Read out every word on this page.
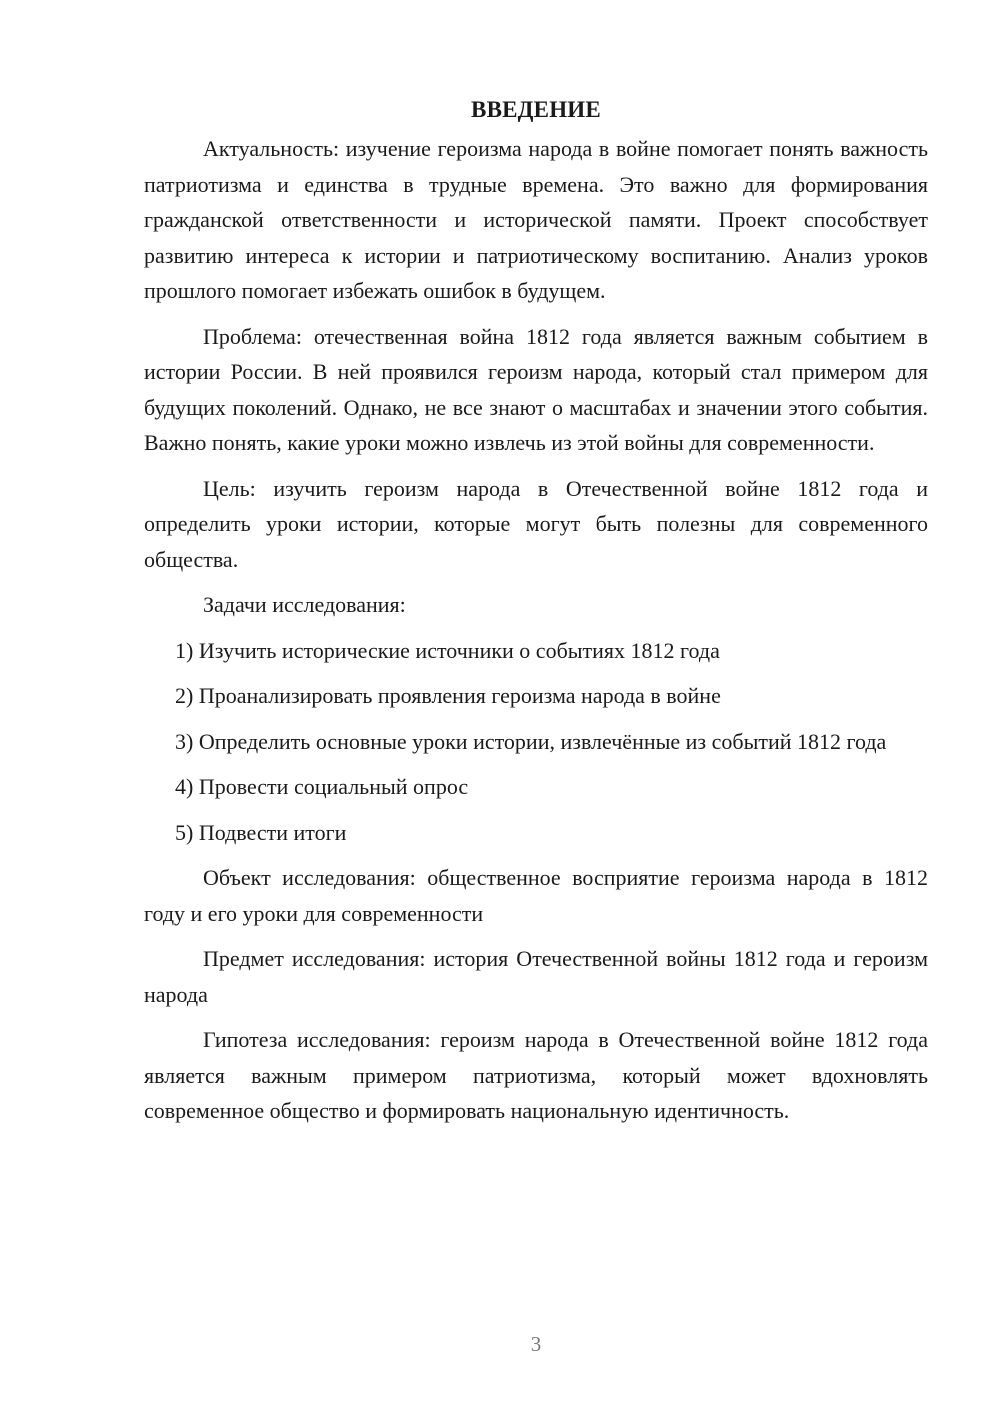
ВВЕДЕНИЕ

Актуальность: изучение героизма народа в войне помогает понять важность патриотизма и единства в трудные времена. Это важно для формирования гражданской ответственности и исторической памяти. Проект способствует развитию интереса к истории и патриотическому воспитанию. Анализ уроков прошлого помогает избежать ошибок в будущем.

Проблема: отечественная война 1812 года является важным событием в истории России. В ней проявился героизм народа, который стал примером для будущих поколений. Однако, не все знают о масштабах и значении этого события. Важно понять, какие уроки можно извлечь из этой войны для современности.

Цель: изучить героизм народа в Отечественной войне 1812 года и определить уроки истории, которые могут быть полезны для современного общества.

Задачи исследования:

1) Изучить исторические источники о событиях 1812 года

2) Проанализировать проявления героизма народа в войне

3) Определить основные уроки истории, извлечённые из событий 1812 года

4) Провести социальный опрос

5) Подвести итоги

Объект исследования: общественное восприятие героизма народа в 1812 году и его уроки для современности

Предмет исследования: история Отечественной войны 1812 года и героизм народа

Гипотеза исследования: героизм народа в Отечественной войне 1812 года является важным примером патриотизма, который может вдохновлять современное общество и формировать национальную идентичность.

3
